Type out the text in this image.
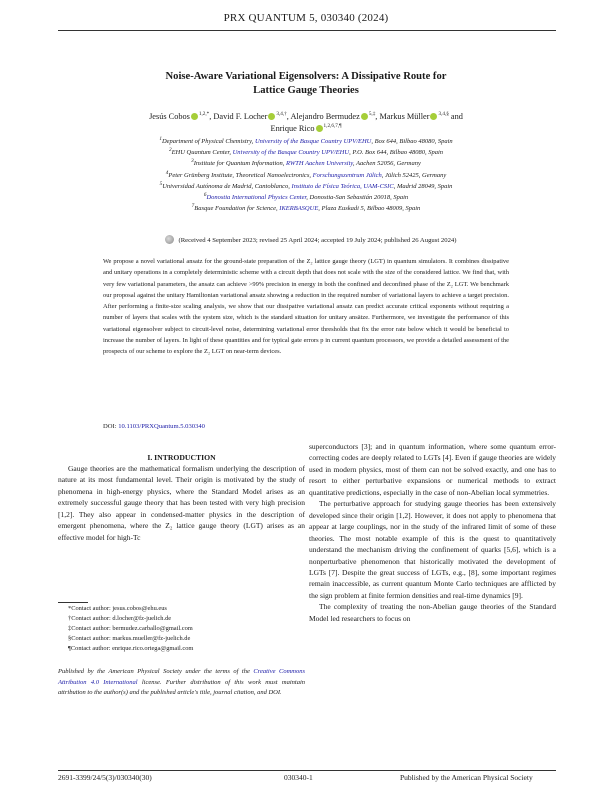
PRX QUANTUM 5, 030340 (2024)
Noise-Aware Variational Eigensolvers: A Dissipative Route for
Lattice Gauge Theories
Jesús Cobos $^{1,2,*}$, David F. Locher $^{3,4,\dagger}$, Alejandro Bermudez $^{5,\ddagger}$, Markus Müller $^{3,4,\S}$ and
Enrique Rico $^{1,2,6,7,\P}$
$^1$Department of Physical Chemistry, University of the Basque Country UPV/EHU, Box 644, Bilbao 48080, Spain
$^2$EHU Quantum Center, University of the Basque Country UPV/EHU, P.O. Box 644, Bilbao 48080, Spain
$^3$Institute for Quantum Information, RWTH Aachen University, Aachen 52056, Germany
$^4$Peter Grünberg Institute, Theoretical Nanoelectronics, Forschungszentrum Jülich, Jülich 52425, Germany
$^5$Universidad Autónoma de Madrid, Cantoblanco, Instituto de Física Teórica, UAM-CSIC, Madrid 28049, Spain
$^6$Donostia International Physics Center, Donostia-San Sebastián 20018, Spain
$^7$Basque Foundation for Science, IKERBASQUE, Plaza Euskadi 5, Bilbao 48009, Spain
(Received 4 September 2023; revised 25 April 2024; accepted 19 July 2024; published 26 August 2024)
We propose a novel variational ansatz for the ground-state preparation of the Z₂ lattice gauge theory (LGT) in quantum simulators. It combines dissipative and unitary operations in a completely deterministic scheme with a circuit depth that does not scale with the size of the considered lattice. We find that, with very few variational parameters, the ansatz can achieve >99% precision in energy in both the confined and deconfined phase of the Z₂ LGT. We benchmark our proposal against the unitary Hamiltonian variational ansatz showing a reduction in the required number of variational layers to achieve a target precision. After performing a finite-size scaling analysis, we show that our dissipative variational ansatz can predict accurate critical exponents without requiring a number of layers that scales with the system size, which is the standard situation for unitary ansätze. Furthermore, we investigate the performance of this variational eigensolver subject to circuit-level noise, determining variational error thresholds that fix the error rate below which it would be beneficial to increase the number of layers. In light of these quantities and for typical gate errors p in current quantum processors, we provide a detailed assessment of the prospects of our scheme to explore the Z₂ LGT on near-term devices.
DOI: 10.1103/PRXQuantum.5.030340
I. INTRODUCTION

Gauge theories are the mathematical formalism underlying the description of nature at its most fundamental level. Their origin is motivated by the study of phenomena in high-energy physics, where the Standard Model arises as an extremely successful gauge theory that has been tested with very high precision [1,2]. They also appear in condensed-matter physics in the description of emergent phenomena, where the Z₂ lattice gauge theory (LGT) arises as an effective model for high-Tc

superconductors [3]; and in quantum information, where some quantum error-correcting codes are deeply related to LGTs [4]. Even if gauge theories are widely used in modern physics, most of them can not be solved exactly, and one has to resort to either perturbative expansions or numerical methods to extract quantitative predictions, especially in the case of non-Abelian local symmetries.

The perturbative approach for studying gauge theories has been extensively developed since their origin [1,2]. However, it does not apply to phenomena that appear at large couplings, nor in the study of the infrared limit of some of these theories. The most notable example of this is the quest to quantitatively understand the mechanism driving the confinement of quarks [5,6], which is a nonperturbative phenomenon that historically motivated the development of LGTs [7]. Despite the great success of LGTs, e.g., [8], some important regimes remain inaccessible, as current quantum Monte Carlo techniques are afflicted by the sign problem at finite fermion densities and real-time dynamics [9].

The complexity of treating the non-Abelian gauge theories of the Standard Model led researchers to focus on

*Contact author: jesus.cobos@ehu.eus
†Contact author: d.locher@fz-juelich.de
‡Contact author: bermudez.carballo@gmail.com
§Contact author: markus.mueller@fz-juelich.de
¶Contact author: enrique.rico.ortega@gmail.com
Published by the American Physical Society under the terms of the Creative Commons Attribution 4.0 International license. Further distribution of this work must maintain attribution to the author(s) and the published article's title, journal citation, and DOI.
2691-3399/24/5(3)/030340(30)	030340-1	Published by the American Physical Society
